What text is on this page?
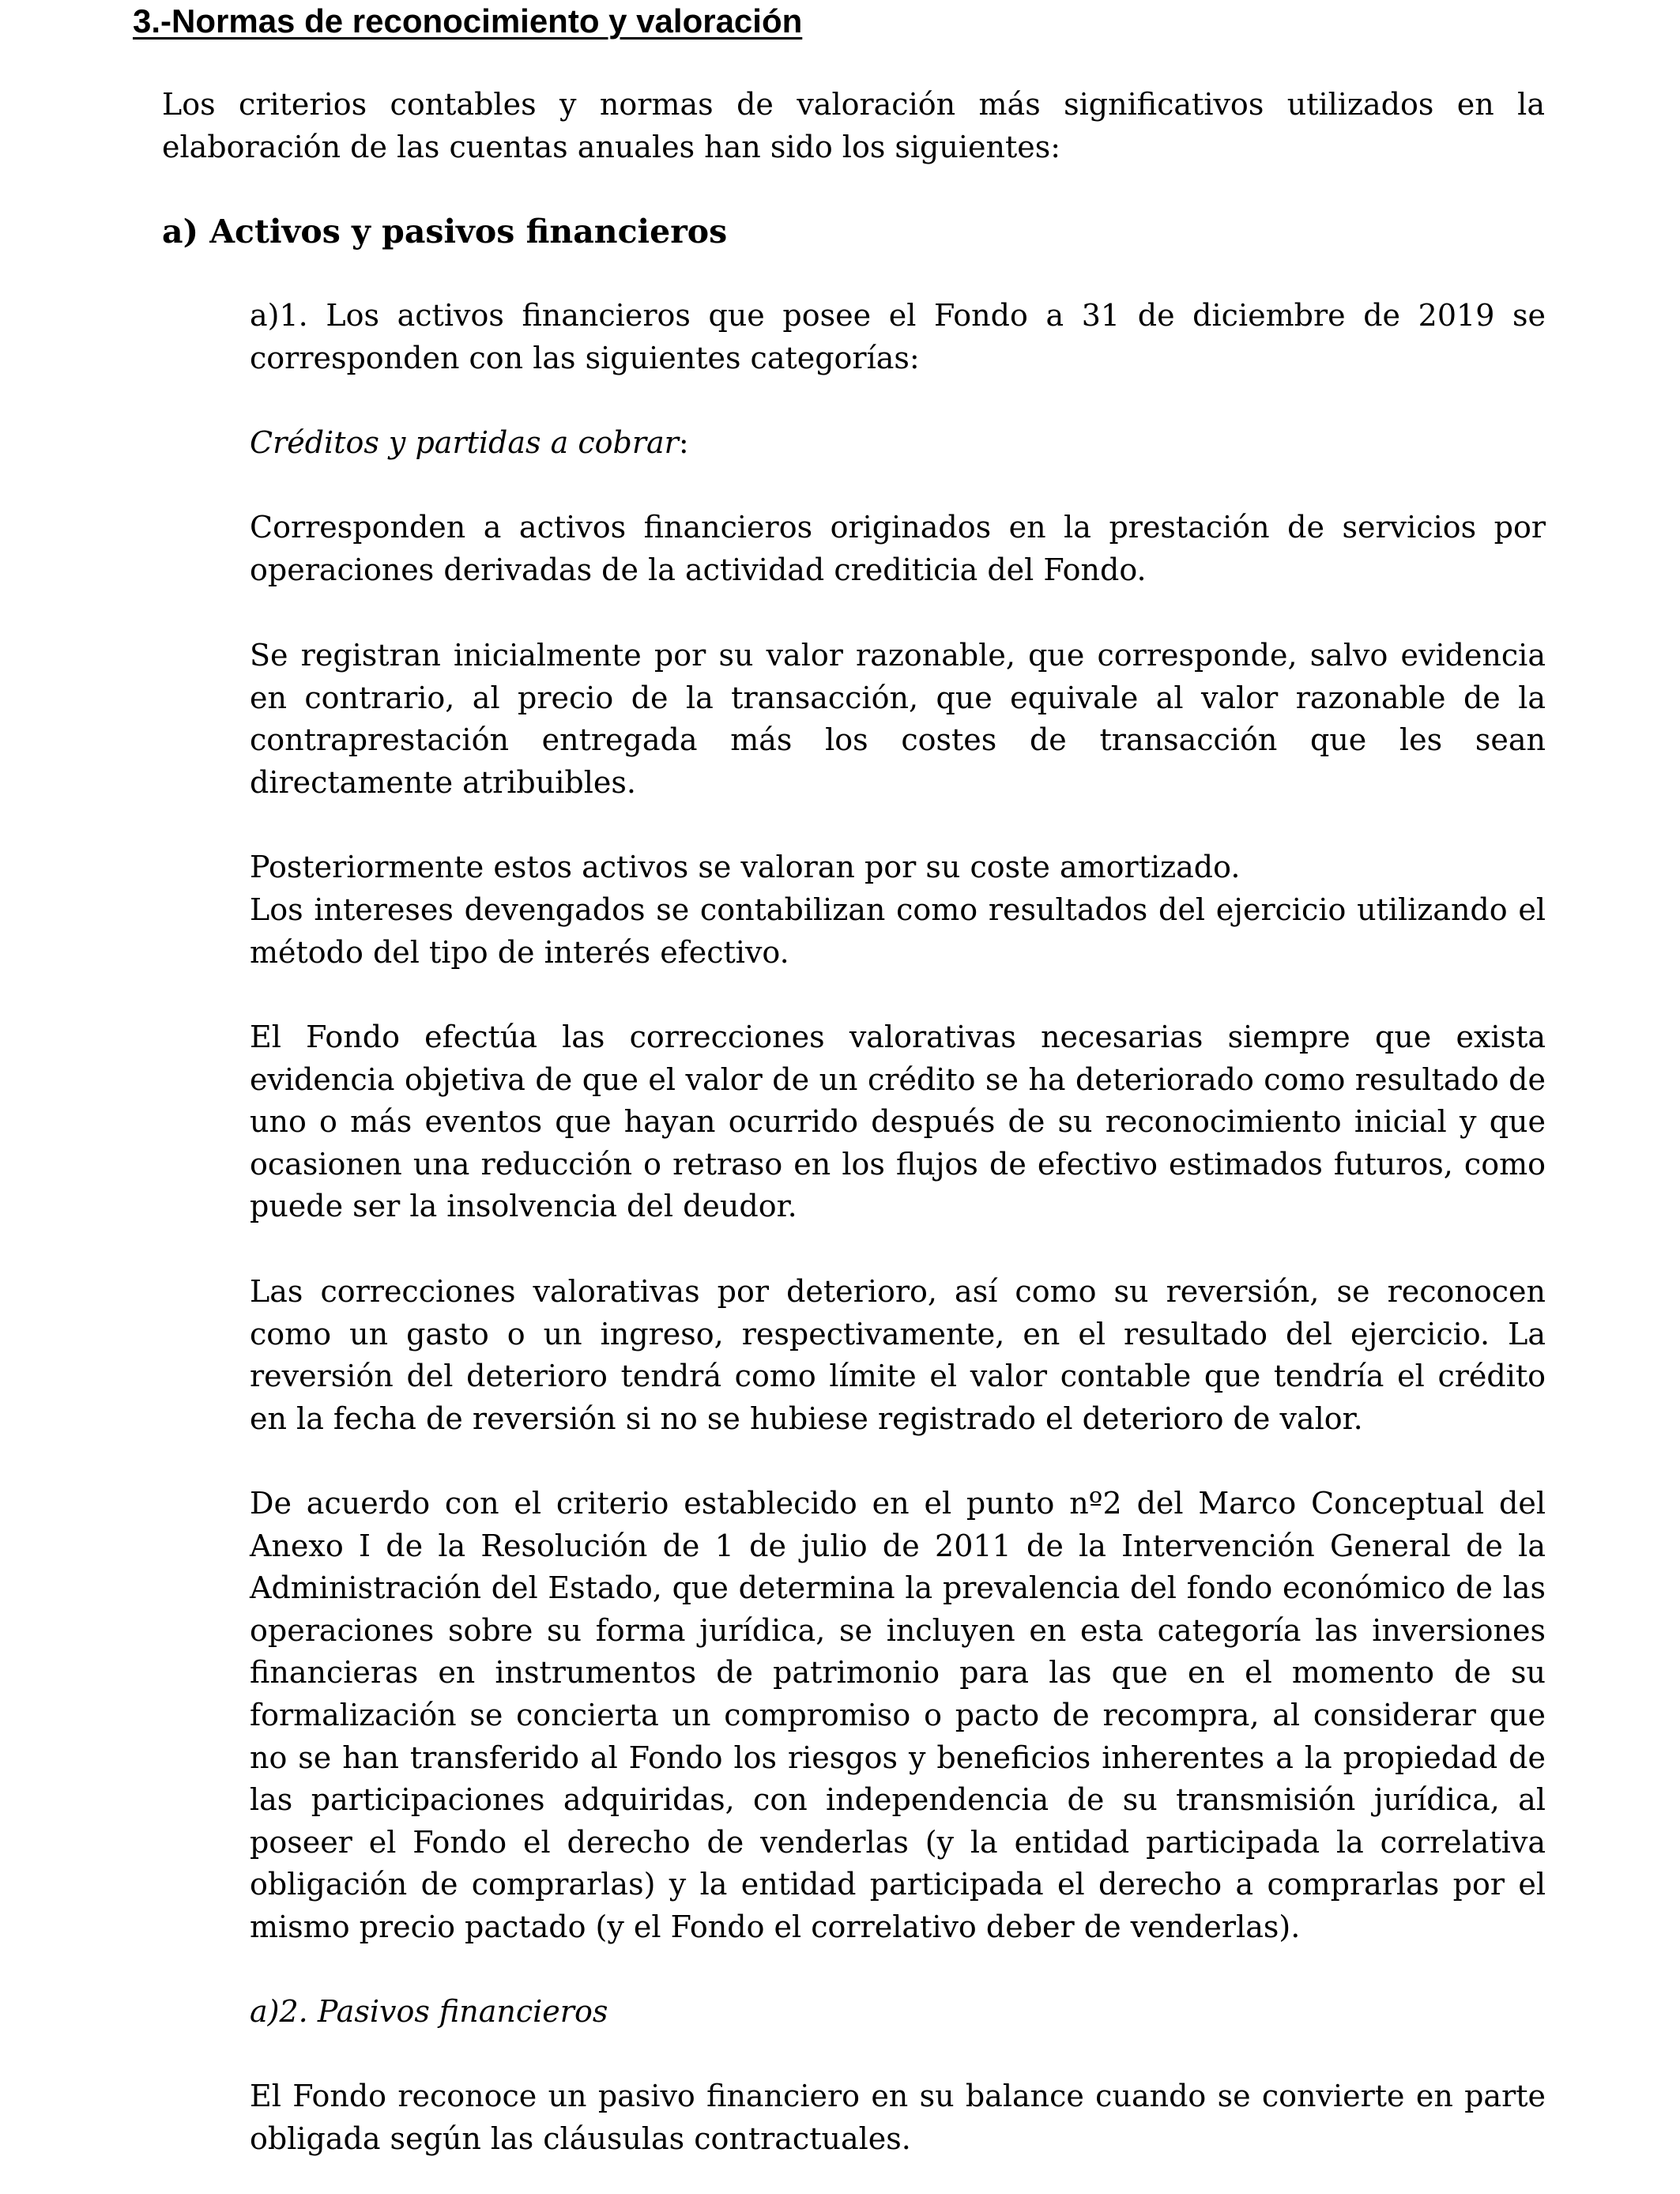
3.-Normas de reconocimiento y valoración

Los criterios contables y normas de valoración más significativos utilizados en la elaboración de las cuentas anuales han sido los siguientes:

a) Activos y pasivos financieros

a)1. Los activos financieros que posee el Fondo a 31 de diciembre de 2019 se corresponden con las siguientes categorías:

Créditos y partidas a cobrar:

Corresponden a activos financieros originados en la prestación de servicios por operaciones derivadas de la actividad crediticia del Fondo.

Se registran inicialmente por su valor razonable, que corresponde, salvo evidencia en contrario, al precio de la transacción, que equivale al valor razonable de la contraprestación entregada más los costes de transacción que les sean directamente atribuibles.

Posteriormente estos activos se valoran por su coste amortizado.

Los intereses devengados se contabilizan como resultados del ejercicio utilizando el método del tipo de interés efectivo.

El Fondo efectúa las correcciones valorativas necesarias siempre que exista evidencia objetiva de que el valor de un crédito se ha deteriorado como resultado de uno o más eventos que hayan ocurrido después de su reconocimiento inicial y que ocasionen una reducción o retraso en los flujos de efectivo estimados futuros, como puede ser la insolvencia del deudor.

Las correcciones valorativas por deterioro, así como su reversión, se reconocen como un gasto o un ingreso, respectivamente, en el resultado del ejercicio. La reversión del deterioro tendrá como límite el valor contable que tendría el crédito en la fecha de reversión si no se hubiese registrado el deterioro de valor.

De acuerdo con el criterio establecido en el punto nº2 del Marco Conceptual del Anexo I de la Resolución de 1 de julio de 2011 de la Intervención General de la Administración del Estado, que determina la prevalencia del fondo económico de las operaciones sobre su forma jurídica, se incluyen en esta categoría las inversiones financieras en instrumentos de patrimonio para las que en el momento de su formalización se concierta un compromiso o pacto de recompra, al considerar que no se han transferido al Fondo los riesgos y beneficios inherentes a la propiedad de las participaciones adquiridas, con independencia de su transmisión jurídica, al poseer el Fondo el derecho de venderlas (y la entidad participada la correlativa obligación de comprarlas) y la entidad participada el derecho a comprarlas por el mismo precio pactado (y el Fondo el correlativo deber de venderlas).

a)2. Pasivos financieros

El Fondo reconoce un pasivo financiero en su balance cuando se convierte en parte obligada según las cláusulas contractuales.
